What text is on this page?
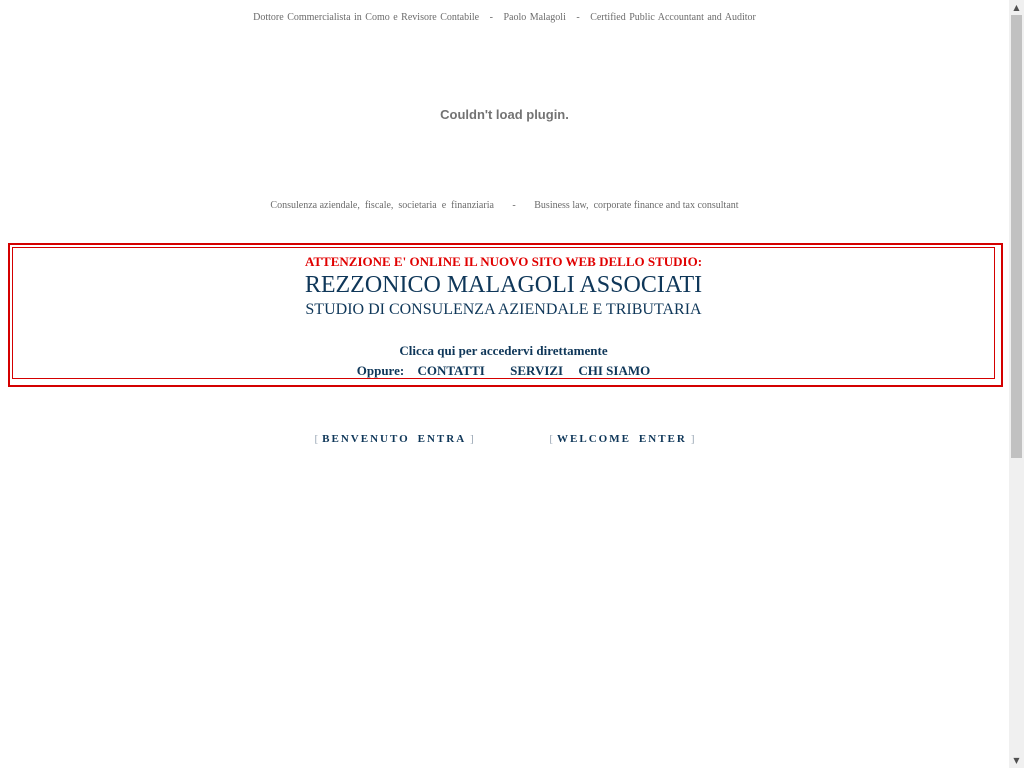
Dottore Commercialista in Como e Revisore Contabile - Paolo Malagoli - Certified Public Accountant and Auditor
Couldn't load plugin.
Consulenza aziendale,  fiscale,  societaria  e  finanziaria - Business law,  corporate finance and tax consultant
ATTENZIONE E' ONLINE IL NUOVO SITO WEB DELLO STUDIO:
REZZONICO MALAGOLI ASSOCIATI
STUDIO DI CONSULENZA AZIENDALE E TRIBUTARIA
Clicca qui per accedervi direttamente
Oppure: CONTATTI SERVIZI CHI SIAMO
[ BENVENUTO ENTRA ]	[ WELCOME ENTER ]
▲
▼
